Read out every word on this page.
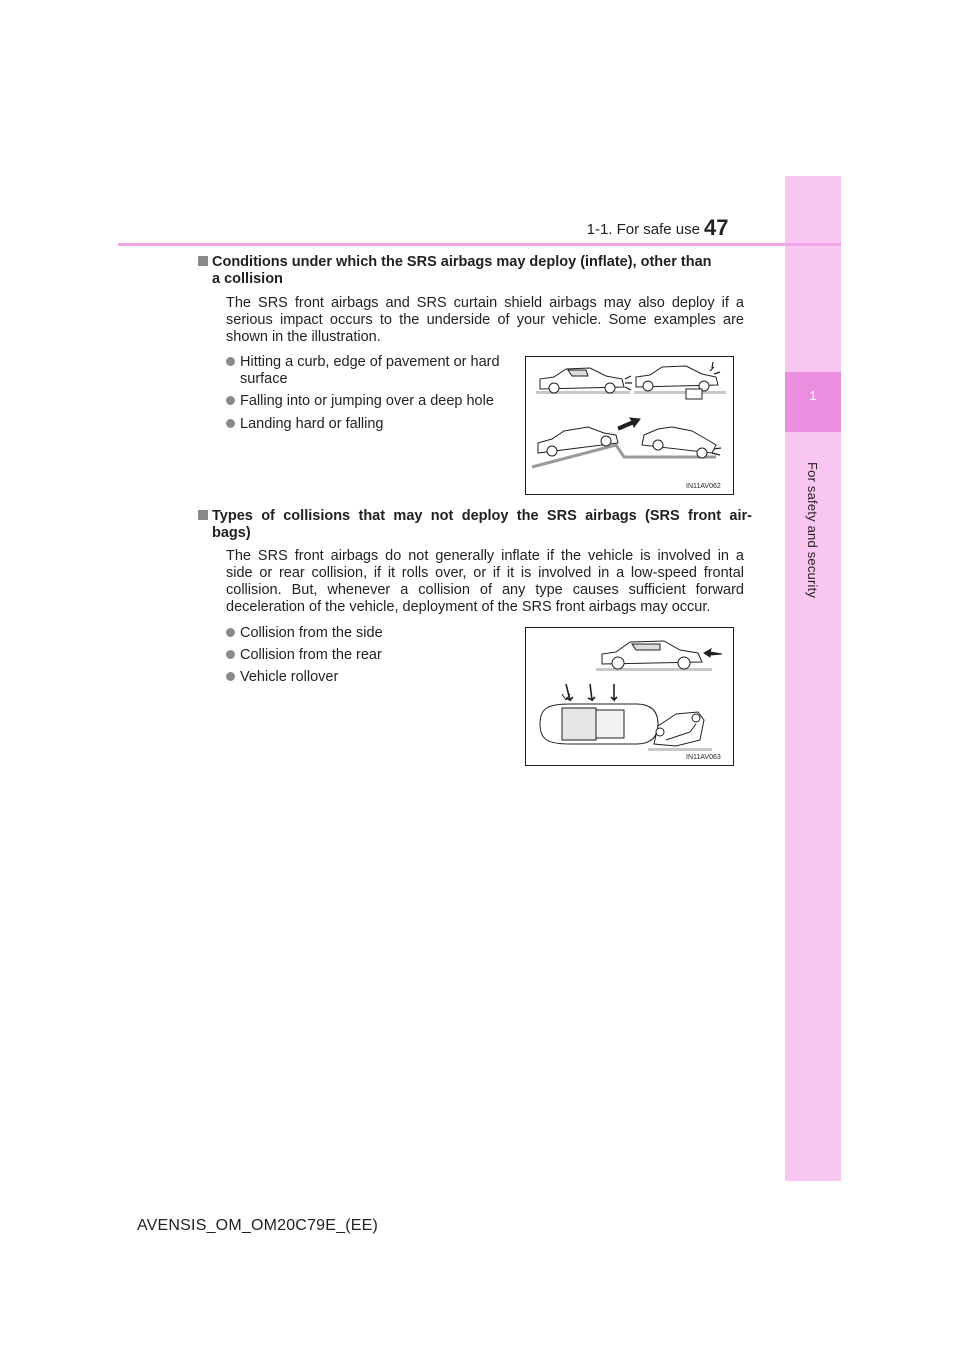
1
For safety and security
1-1. For safe use 47
Conditions under which the SRS airbags may deploy (inflate), other than
a collision
The SRS front airbags and SRS curtain shield airbags may also deploy if a
serious impact occurs to the underside of your vehicle. Some examples are
shown in the illustration.
Hitting a curb, edge of pavement or hard surface
Falling into or jumping over a deep hole
Landing hard or falling
IN11AV062
Types of collisions that may not deploy the SRS airbags (SRS front air-
bags)
The SRS front airbags do not generally inflate if the vehicle is involved in a
side or rear collision, if it rolls over, or if it is involved in a low-speed frontal
collision. But, whenever a collision of any type causes sufficient forward
deceleration of the vehicle, deployment of the SRS front airbags may occur.
Collision from the side
Collision from the rear
Vehicle rollover
IN11AV063
AVENSIS_OM_OM20C79E_(EE)
